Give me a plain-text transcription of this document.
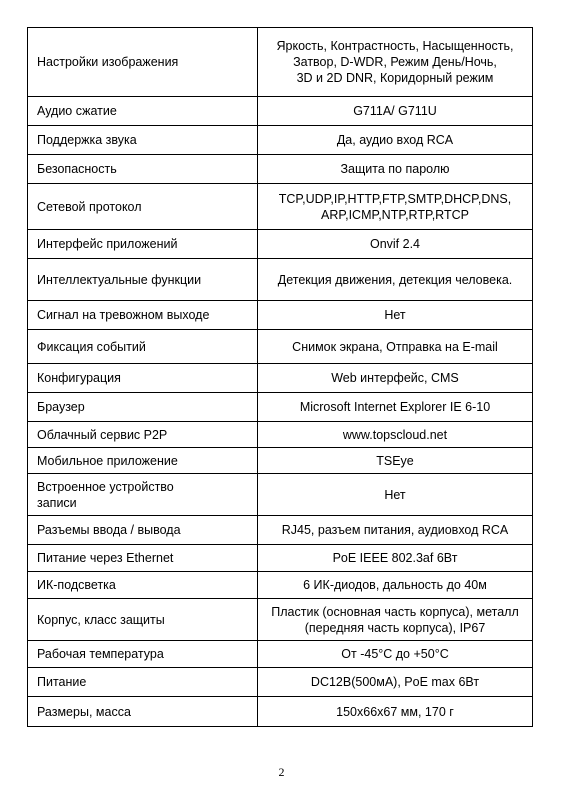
Настройки изображения	Яркость, Контрастность, Насыщенность,
Затвор, D-WDR, Режим День/Ночь,
3D и 2D DNR, Коридорный режим
Аудио сжатие	G711A/ G711U
Поддержка звука	Да, аудио вход RCA
Безопасность	Защита по паролю
Сетевой протокол	TCP,UDP,IP,HTTP,FTP,SMTP,DHCP,DNS,
ARP,ICMP,NTP,RTP,RTCP
Интерфейс приложений	Onvif 2.4
Интеллектуальные функции	Детекция движения, детекция человека.
Сигнал на тревожном выходе	Нет
Фиксация событий	Снимок экрана, Отправка на E-mail
Конфигурация	Web интерфейс, CMS
Браузер	Microsoft Internet Explorer IE 6-10
Облачный сервис P2P	www.topscloud.net
Мобильное приложение	TSEye
Встроенное устройство
записи	Нет
Разъемы ввода / вывода	RJ45, разъем питания, аудиовход RCA
Питание через Ethernet	PoE IEEE 802.3af 6Вт
ИК-подсветка	6 ИК-диодов, дальность до 40м
Корпус, класс защиты	Пластик (основная часть корпуса), металл
(передняя часть корпуса), IP67
Рабочая температура	От -45°С до +50°С
Питание	DC12В(500мА), PoE max 6Вт
Размеры, масса	150х66х67 мм, 170 г
2
